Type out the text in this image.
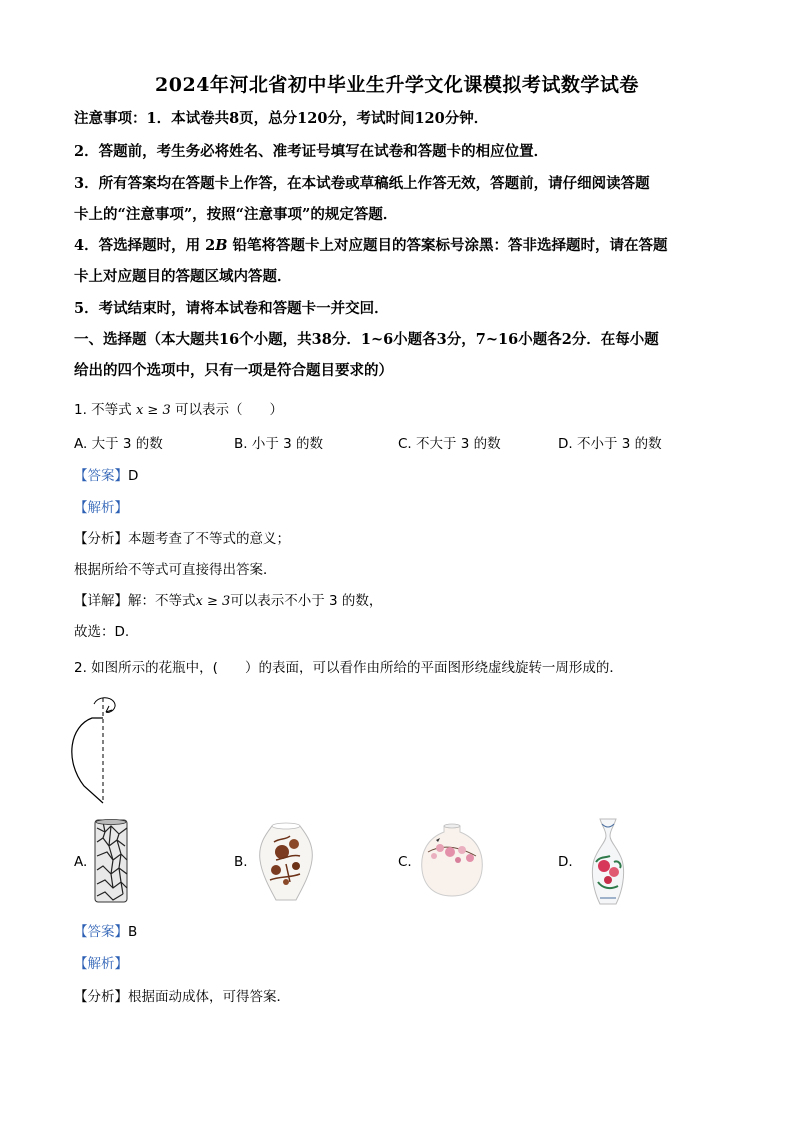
2024年河北省初中毕业生升学文化课模拟考试数学试卷
注意事项：1．本试卷共8页，总分120分，考试时间120分钟．
2．答题前，考生务必将姓名、准考证号填写在试卷和答题卡的相应位置．
3．所有答案均在答题卡上作答，在本试卷或草稿纸上作答无效，答题前，请仔细阅读答题
卡上的“注意事项”，按照“注意事项”的规定答题．
4．答选择题时，用 2B 铅笔将答题卡上对应题目的答案标号涂黑：答非选择题时，请在答题
卡上对应题目的答题区域内答题．
5．考试结束时，请将本试卷和答题卡一并交回．
一、选择题（本大题共16个小题，共38分．1~6小题各3分，7~16小题各2分．在每小题
给出的四个选项中，只有一项是符合题目要求的）
1. 不等式 x ≥ 3 可以表示（　　）
A. 大于 3 的数	B. 小于 3 的数	C. 不大于 3 的数	D. 不小于 3 的数
【答案】D
【解析】
【分析】本题考查了不等式的意义；
根据所给不等式可直接得出答案．
【详解】解：不等式x ≥ 3可以表示不小于 3 的数，
故选：D.
2. 如图所示的花瓶中，(　　）的表面，可以看作由所给的平面图形绕虚线旋转一周形成的．
A.	B.	C.	D.
【答案】B
【解析】
【分析】根据面动成体，可得答案．
